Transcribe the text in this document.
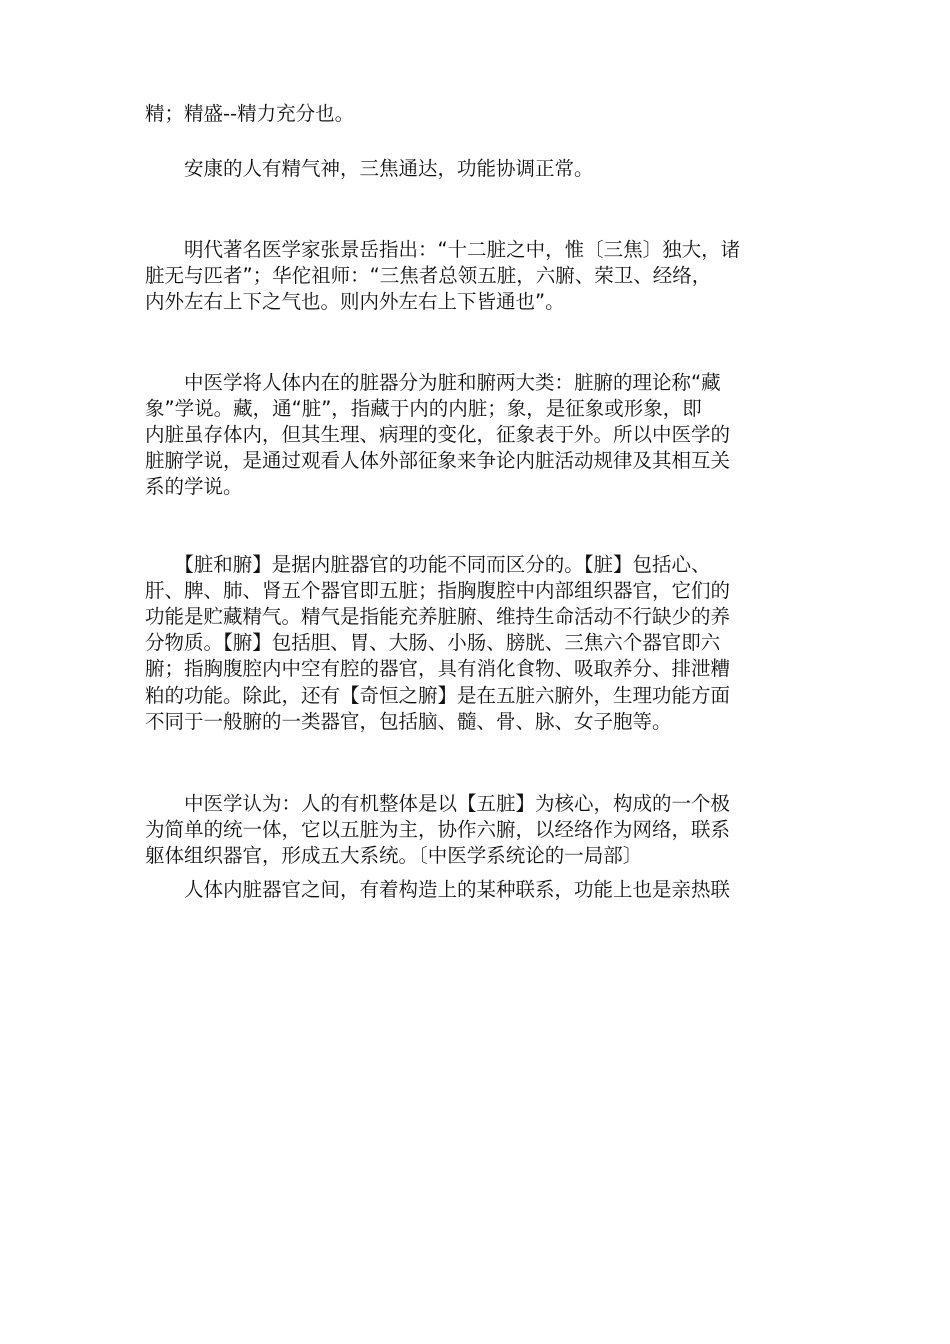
精；精盛--精力充分也。
　　安康的人有精气神，三焦通达，功能协调正常。
　　明代著名医学家张景岳指出：“十二脏之中，惟〔三焦〕独大，诸
脏无与匹者”；华佗祖师：“三焦者总领五脏，六腑、荣卫、经络，
内外左右上下之气也。则内外左右上下皆通也”。
　　中医学将人体内在的脏器分为脏和腑两大类：脏腑的理论称“藏
象”学说。藏，通“脏”，指藏于内的内脏；象，是征象或形象，即
内脏虽存体内，但其生理、病理的变化，征象表于外。所以中医学的
脏腑学说，是通过观看人体外部征象来争论内脏活动规律及其相互关
系的学说。
　　【脏和腑】是据内脏器官的功能不同而区分的。【脏】包括心、
肝、脾、肺、肾五个器官即五脏；指胸腹腔中内部组织器官，它们的
功能是贮藏精气。精气是指能充养脏腑、维持生命活动不行缺少的养
分物质。【腑】包括胆、胃、大肠、小肠、膀胱、三焦六个器官即六
腑；指胸腹腔内中空有腔的器官，具有消化食物、吸取养分、排泄糟
粕的功能。除此，还有【奇恒之腑】是在五脏六腑外，生理功能方面
不同于一般腑的一类器官，包括脑、髓、骨、脉、女子胞等。
　　中医学认为：人的有机整体是以【五脏】为核心，构成的一个极
为简单的统一体，它以五脏为主，协作六腑，以经络作为网络，联系
躯体组织器官，形成五大系统。〔中医学系统论的一局部〕
　　人体内脏器官之间，有着构造上的某种联系，功能上也是亲热联
